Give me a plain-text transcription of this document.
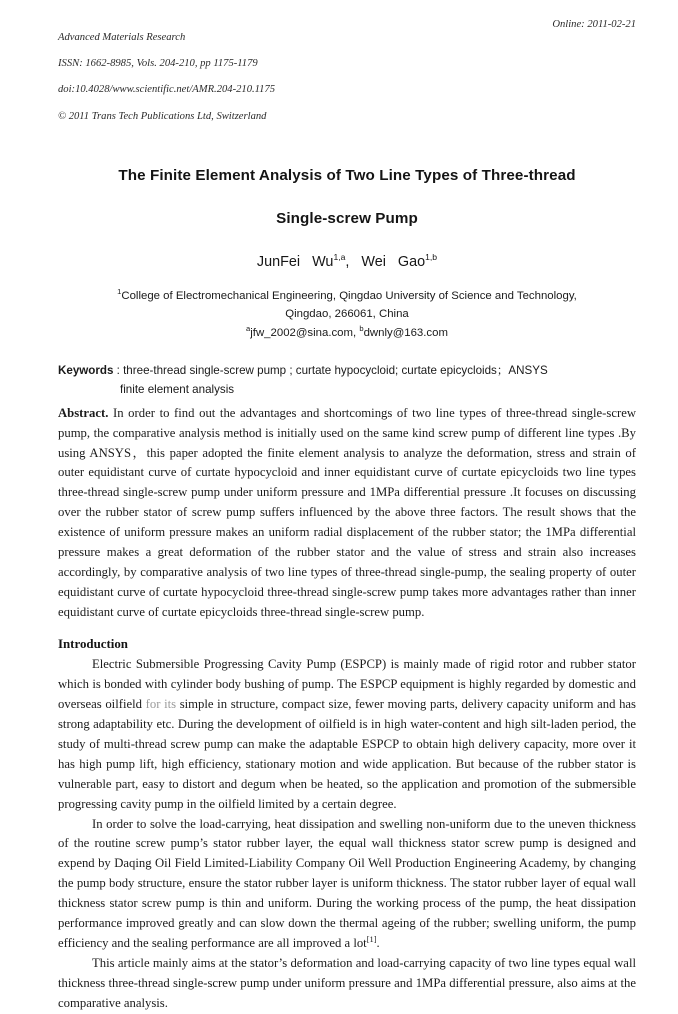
Advanced Materials Research

ISSN: 1662-8985, Vols. 204-210, pp 1175-1179

doi:10.4028/www.scientific.net/AMR.204-210.1175

© 2011 Trans Tech Publications Ltd, Switzerland

Online: 2011-02-21
The Finite Element Analysis of Two Line Types of Three-thread
Single-screw Pump
JunFei   Wu$^{1,a}$,   Wei   Gao$^{1,b}$
$^1$College of Electromechanical Engineering, Qingdao University of Science and Technology,
Qingdao, 266061, China
$^a$jfw_2002@sina.com, $^b$dwnly@163.com
Keywords : three-thread single-screw pump ; curtate hypocycloid; curtate epicycloids；ANSYS
finite element analysis

Abstract. In order to find out the advantages and shortcomings of two line types of three-thread single-screw pump, the comparative analysis method is initially used on the same kind screw pump of different line types .By using ANSYS，this paper adopted the finite element analysis to analyze the deformation, stress and strain of outer equidistant curve of curtate hypocycloid and inner equidistant curve of curtate epicycloids two line types three-thread single-screw pump under uniform pressure and 1MPa differential pressure .It focuses on discussing over the rubber stator of screw pump suffers influenced by the above three factors. The result shows that the existence of uniform pressure makes an uniform radial displacement of the rubber stator; the 1MPa differential pressure makes a great deformation of the rubber stator and the value of stress and strain also increases accordingly, by comparative analysis of two line types of three-thread single-pump, the sealing property of outer equidistant curve of curtate hypocycloid three-thread single-screw pump takes more advantages rather than inner equidistant curve of curtate epicycloids three-thread single-screw pump.

Introduction

Electric Submersible Progressing Cavity Pump (ESPCP) is mainly made of rigid rotor and rubber stator which is bonded with cylinder body bushing of pump. The ESPCP equipment is highly regarded by domestic and overseas oilfield for its simple in structure, compact size, fewer moving parts, delivery capacity uniform and has strong adaptability etc. During the development of oilfield is in high water-content and high silt-laden period, the study of multi-thread screw pump can make the adaptable ESPCP to obtain high delivery capacity, more over it has high pump lift, high efficiency, stationary motion and wide application. But because of the rubber stator is vulnerable part, easy to distort and degum when be heated, so the application and promotion of the submersible progressing cavity pump in the oilfield limited by a certain degree.

In order to solve the load-carrying, heat dissipation and swelling non-uniform due to the uneven thickness of the routine screw pump’s stator rubber layer, the equal wall thickness stator screw pump is designed and expend by Daqing Oil Field Limited-Liability Company Oil Well Production Engineering Academy, by changing the pump body structure, ensure the stator rubber layer is uniform thickness. The stator rubber layer of equal wall thickness stator screw pump is thin and uniform. During the working process of the pump, the heat dissipation performance improved greatly and can slow down the thermal ageing of the rubber; swelling uniform, the pump efficiency and the sealing performance are all improved a lot[1].

This article mainly aims at the stator’s deformation and load-carrying capacity of two line types equal wall thickness three-thread single-screw pump under uniform pressure and 1MPa differential pressure, also aims at the comparative analysis.
